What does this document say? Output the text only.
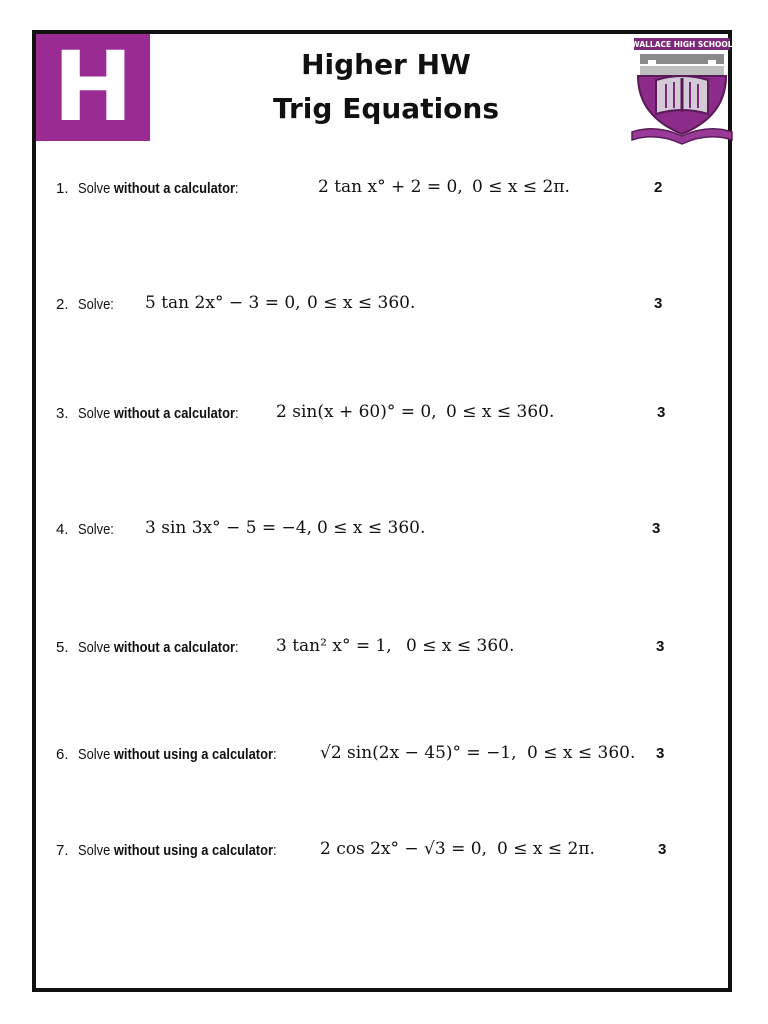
H	Higher HW
Trig Equations
WALLACE HIGH SCHOOL
1. Solve without a calculator:	2 tan x° + 2 = 0, 0 ≤ x ≤ 2π.	2
2. Solve: 5 tan 2x° − 3 = 0, 0 ≤ x ≤ 360.	3
3. Solve without a calculator: 2 sin(x + 60)° = 0, 0 ≤ x ≤ 360.	3
4. Solve: 3 sin 3x° − 5 = −4, 0 ≤ x ≤ 360.	3
5. Solve without a calculator: 3 tan² x° = 1, 0 ≤ x ≤ 360.	3
6. Solve without using a calculator:	√2 sin(2x − 45)° = −1, 0 ≤ x ≤ 360. 3
7. Solve without using a calculator:	2 cos 2x° − √3 = 0, 0 ≤ x ≤ 2π.	3
